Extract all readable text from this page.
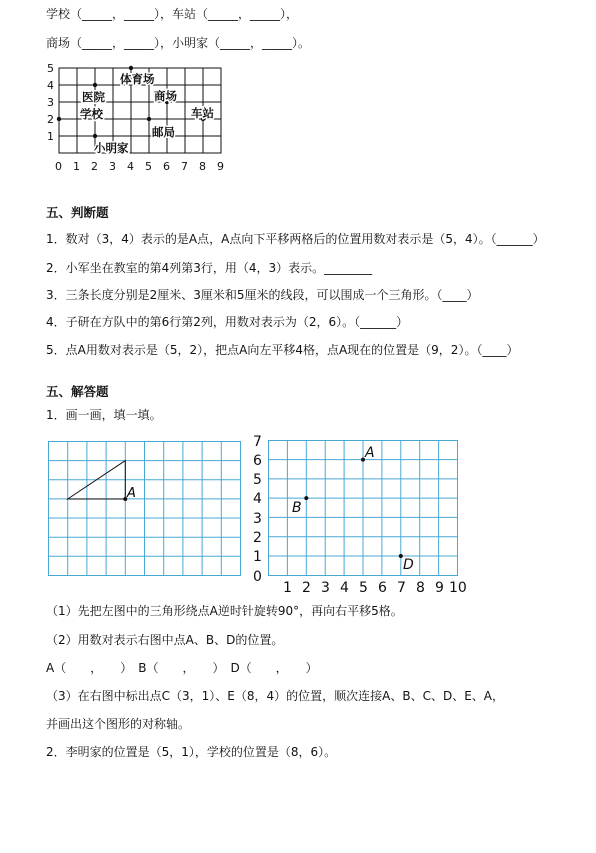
学校（_____，_____），车站（_____，_____），
商场（_____，_____），小明家（_____，_____）。
5
4
3
2
1
0 1 2 3 4 5 6 7 8 9
体育场
医院	商场
学校	车站
邮局
小明家
五、判断题
1．数对（3，4）表示的是A点，A点向下平移两格后的位置用数对表示是（5，4）。（______）
2．小军坐在教室的第4列第3行，用（4，3）表示。________
3．三条长度分别是2厘米、3厘米和5厘米的线段，可以围成一个三角形。（____）
4．子研在方队中的第6行第2列，用数对表示为（2，6）。（______）
5．点A用数对表示是（5，2），把点A向左平移4格，点A现在的位置是（9，2）。（____）
五、解答题
1．画一画，填一填。
A
7
6
5
4
3
2
1
0
1 2 3 4 5 6 7 8 9 10
A
B
D
（1）先把左图中的三角形绕点A逆时针旋转90°，再向右平移5格。
（2）用数对表示右图中点A、B、D的位置。
A（　　，　　）　B（　　，　　）　D（　　，　　）
（3）在右图中标出点C（3，1）、E（8，4）的位置，顺次连接A、B、C、D、E、A，
并画出这个图形的对称轴。
2．李明家的位置是（5，1），学校的位置是（8，6）。
